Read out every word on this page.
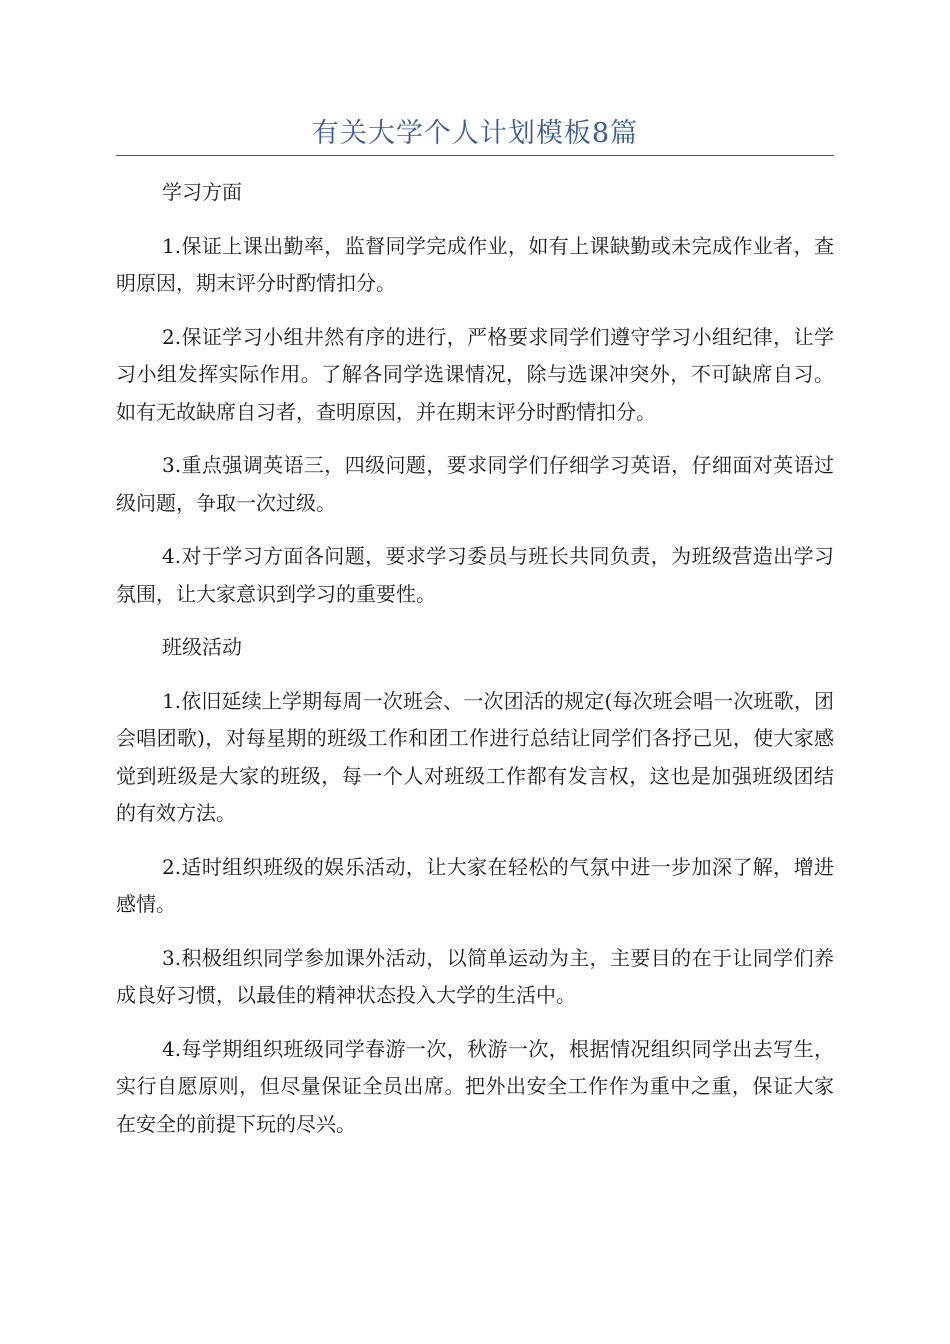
有关大学个人计划模板8篇

学习方面

1.保证上课出勤率，监督同学完成作业，如有上课缺勤或未完成作业者，查明原因，期末评分时酌情扣分。

2.保证学习小组井然有序的进行，严格要求同学们遵守学习小组纪律，让学习小组发挥实际作用。了解各同学选课情况，除与选课冲突外，不可缺席自习。如有无故缺席自习者，查明原因，并在期末评分时酌情扣分。

3.重点强调英语三，四级问题，要求同学们仔细学习英语，仔细面对英语过级问题，争取一次过级。

4.对于学习方面各问题，要求学习委员与班长共同负责，为班级营造出学习氛围，让大家意识到学习的重要性。

班级活动

1.依旧延续上学期每周一次班会、一次团活的规定(每次班会唱一次班歌，团会唱团歌)，对每星期的班级工作和团工作进行总结让同学们各抒己见，使大家感觉到班级是大家的班级，每一个人对班级工作都有发言权，这也是加强班级团结的有效方法。

2.适时组织班级的娱乐活动，让大家在轻松的气氛中进一步加深了解，增进感情。

3.积极组织同学参加课外活动，以简单运动为主，主要目的在于让同学们养成良好习惯，以最佳的精神状态投入大学的生活中。

4.每学期组织班级同学春游一次，秋游一次，根据情况组织同学出去写生，实行自愿原则，但尽量保证全员出席。把外出安全工作作为重中之重，保证大家在安全的前提下玩的尽兴。
